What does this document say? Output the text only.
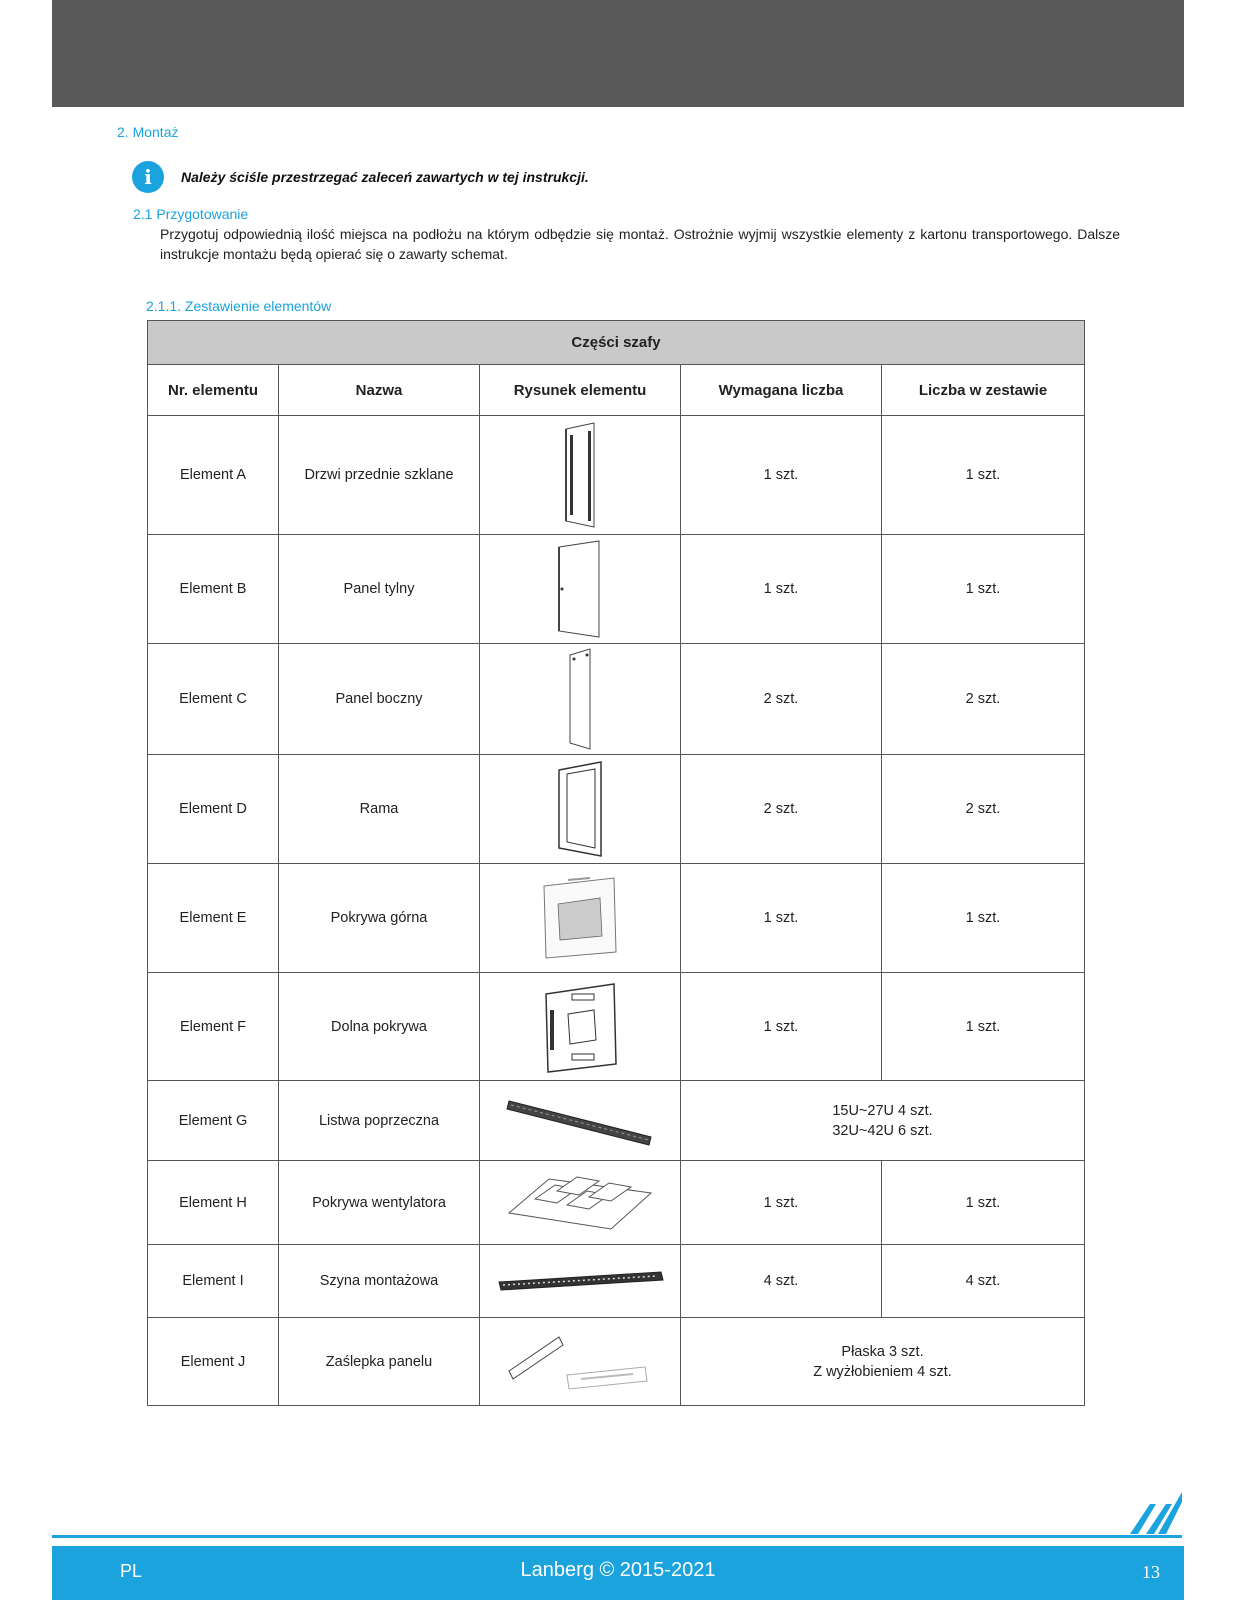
2. Montaż
i	Należy ściśle przestrzegać zaleceń zawartych w tej instrukcji.
2.1 Przygotowanie
Przygotuj odpowiednią ilość miejsca na podłożu na którym odbędzie się montaż. Ostrożnie wyjmij wszystkie elementy z kartonu transportowego. Dalsze instrukcje montażu będą opierać się o zawarty schemat.
2.1.1. Zestawienie elementów
Części szafy				
Nr. elementu	Nazwa	Rysunek elementu	Wymagana liczba	Liczba w zestawie
Element A	Drzwi przednie szklane		1 szt.	1 szt.
Element B	Panel tylny		1 szt.	1 szt.
Element C	Panel boczny		2 szt.	2 szt.
Element D	Rama		2 szt.	2 szt.
Element E	Pokrywa górna		1 szt.	1 szt.
Element F	Dolna pokrywa		1 szt.	1 szt.
Element G	Listwa poprzeczna		15U~27U 4 szt.
32U~42U 6 szt.	

Element H	Pokrywa wentylatora		1 szt.	1 szt.
Element I	Szyna montażowa		4 szt.	4 szt.
Element J	Zaślepka panelu		Płaska 3 szt.
Z wyżłobieniem 4 szt.	
PL	Lanberg © 2015-2021	13
